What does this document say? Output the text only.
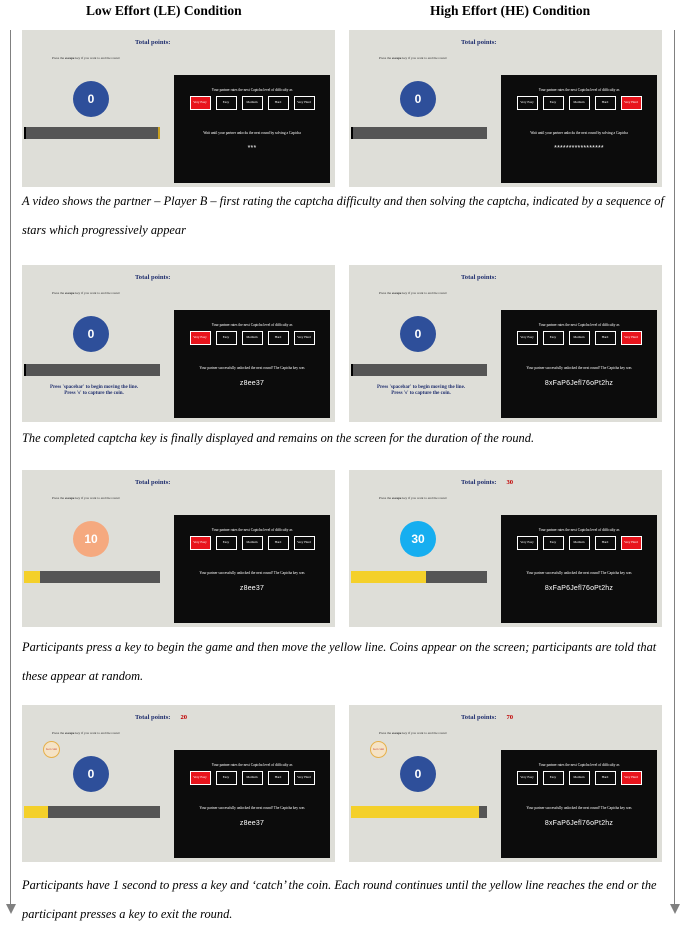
Low Effort (LE) Condition	High Effort (HE) Condition
Total points:
Press the escape key if you want to end the round
0
Your partner rates the next Captcha level of difficulty as
Very Easy	Easy	Medium	Hard	Very Hard
Wait until your partner unlocks the next round by solving a Captcha
***
Total points:
Press the escape key if you want to end the round
0
Your partner rates the next Captcha level of difficulty as
Very Easy	Easy	Medium	Hard	Very Hard
Wait until your partner unlocks the next round by solving a Captcha
*****************
Total points:
Press the escape key if you want to end the round
0
Press 'spacebar' to begin moving the line.
Press 's' to capture the coin.
Your partner rates the next Captcha level of difficulty as
Very Easy	Easy	Medium	Hard	Very Hard
Your partner successfully unlocked the next round! The Captcha key was
z8ee37
Total points:
Press the escape key if you want to end the round
0
Press 'spacebar' to begin moving the line.
Press 's' to capture the coin.
Your partner rates the next Captcha level of difficulty as
Very Easy	Easy	Medium	Hard	Very Hard
Your partner successfully unlocked the next round! The Captcha key was
8xFaP6Jefl76oPt2hz
Total points:
Press the escape key if you want to end the round
10
Your partner rates the next Captcha level of difficulty as
Very Easy	Easy	Medium	Hard	Very Hard
Your partner successfully unlocked the next round! The Captcha key was
z8ee37
Total points: 30
Press the escape key if you want to end the round
30
Your partner rates the next Captcha level of difficulty as
Very Easy	Easy	Medium	Hard	Very Hard
Your partner successfully unlocked the next round! The Captcha key was
8xFaP6Jefl76oPt2hz
Total points: 20
Press the escape key if you want to end the round
Get coin
0
Your partner rates the next Captcha level of difficulty as
Very Easy	Easy	Medium	Hard	Very Hard
Your partner successfully unlocked the next round! The Captcha key was
z8ee37
Total points: 70
Press the escape key if you want to end the round
Get coin
0
Your partner rates the next Captcha level of difficulty as
Very Easy	Easy	Medium	Hard	Very Hard
Your partner successfully unlocked the next round! The Captcha key was
8xFaP6Jefl76oPt2hz
A video shows the partner – Player B – first rating the captcha difficulty and then solving the captcha, indicated by a sequence of stars which progressively appear
The completed captcha key is finally displayed and remains on the screen for the duration of the round.
Participants press a key to begin the game and then move the yellow line. Coins appear on the screen; participants are told that these appear at random.
Participants have 1 second to press a key and ‘catch’ the coin. Each round continues until the yellow line reaches the end or the participant presses a key to exit the round.
